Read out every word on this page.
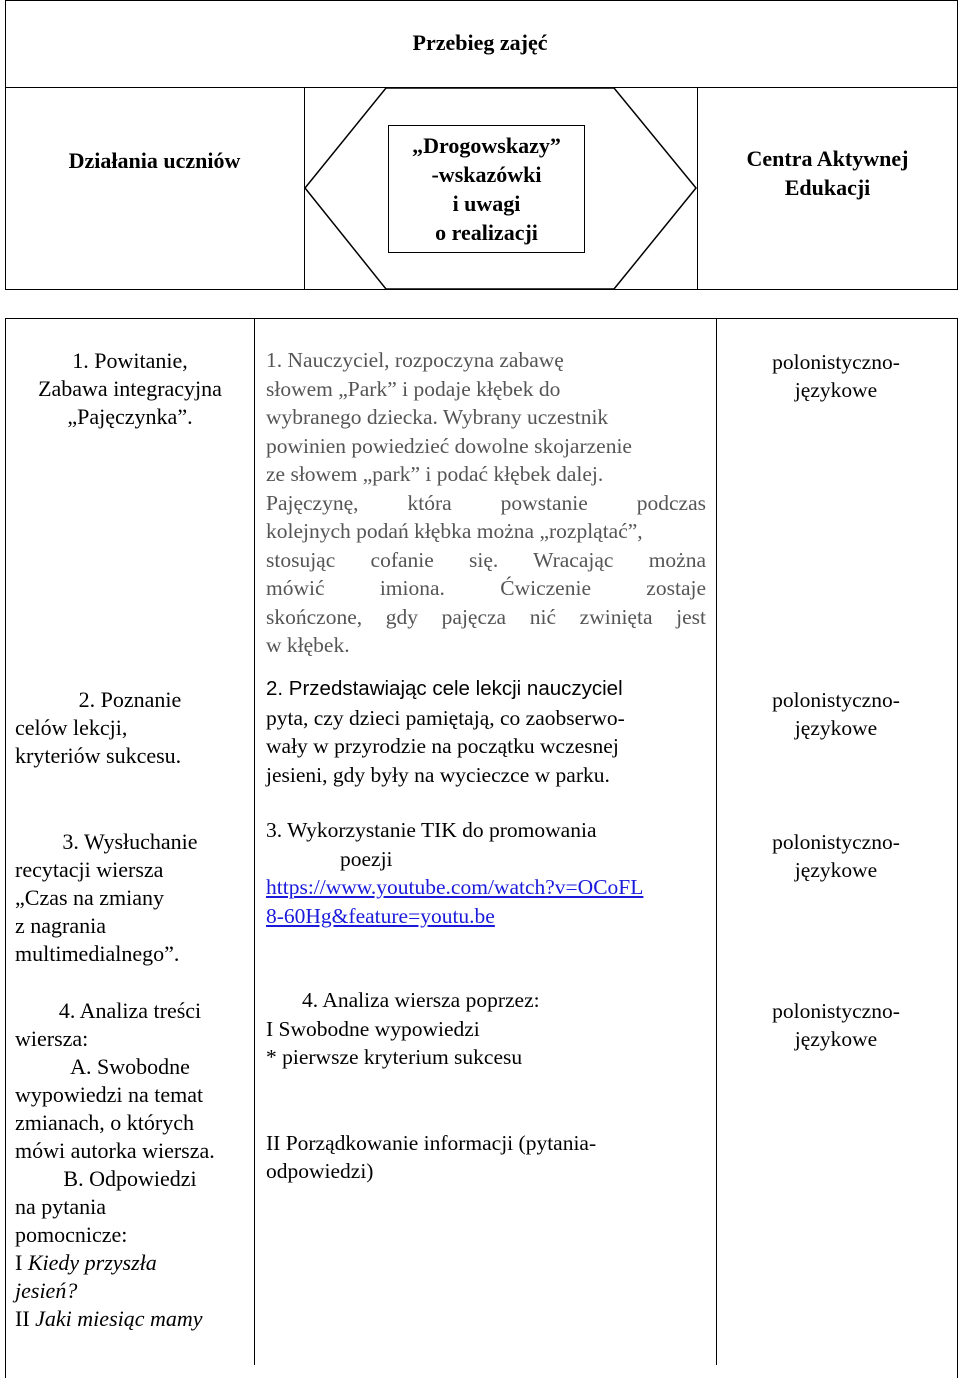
Przebieg zajęć
Działania uczniów
„Drogowskazy”
-wskazówki
i uwagi
o realizacji
Centra Aktywnej
Edukacji
1. Powitanie,
Zabawa integracyjna
„Pajęczynka”.
1. Nauczyciel, rozpoczyna zabawę
słowem „Park” i podaje kłębek do
wybranego dziecka. Wybrany uczestnik
powinien powiedzieć dowolne skojarzenie
ze słowem „park” i podać kłębek dalej.
Pajęczynę, która powstanie podczas
kolejnych podań kłębka można „rozplątać”,
stosując cofanie się. Wracając można
mówić imiona. Ćwiczenie zostaje
skończone, gdy pajęcza nić zwinięta jest
w kłębek.
polonistyczno-
językowe
2. Poznanie
celów lekcji,
kryteriów sukcesu.
2. Przedstawiając cele lekcji nauczyciel
pyta, czy dzieci pamiętają, co zaobserwo-
wały w przyrodzie na początku wczesnej
jesieni, gdy były na wycieczce w parku.
polonistyczno-
językowe
3. Wysłuchanie
recytacji wiersza
„Czas na zmiany
z nagrania
multimedialnego”.
3. Wykorzystanie TIK do promowania
poezji
https://www.youtube.com/watch?v=OCoFL
8-60Hg&feature=youtu.be
polonistyczno-
językowe
4. Analiza treści
wiersza:
A. Swobodne
wypowiedzi na temat
zmianach, o których
mówi autorka wiersza.
B. Odpowiedzi
na pytania
pomocnicze:
I Kiedy przyszła
jesień?
II Jaki miesiąc mamy
4. Analiza wiersza poprzez:
I Swobodne wypowiedzi
* pierwsze kryterium sukcesu
II Porządkowanie informacji (pytania-
odpowiedzi)
polonistyczno-
językowe
